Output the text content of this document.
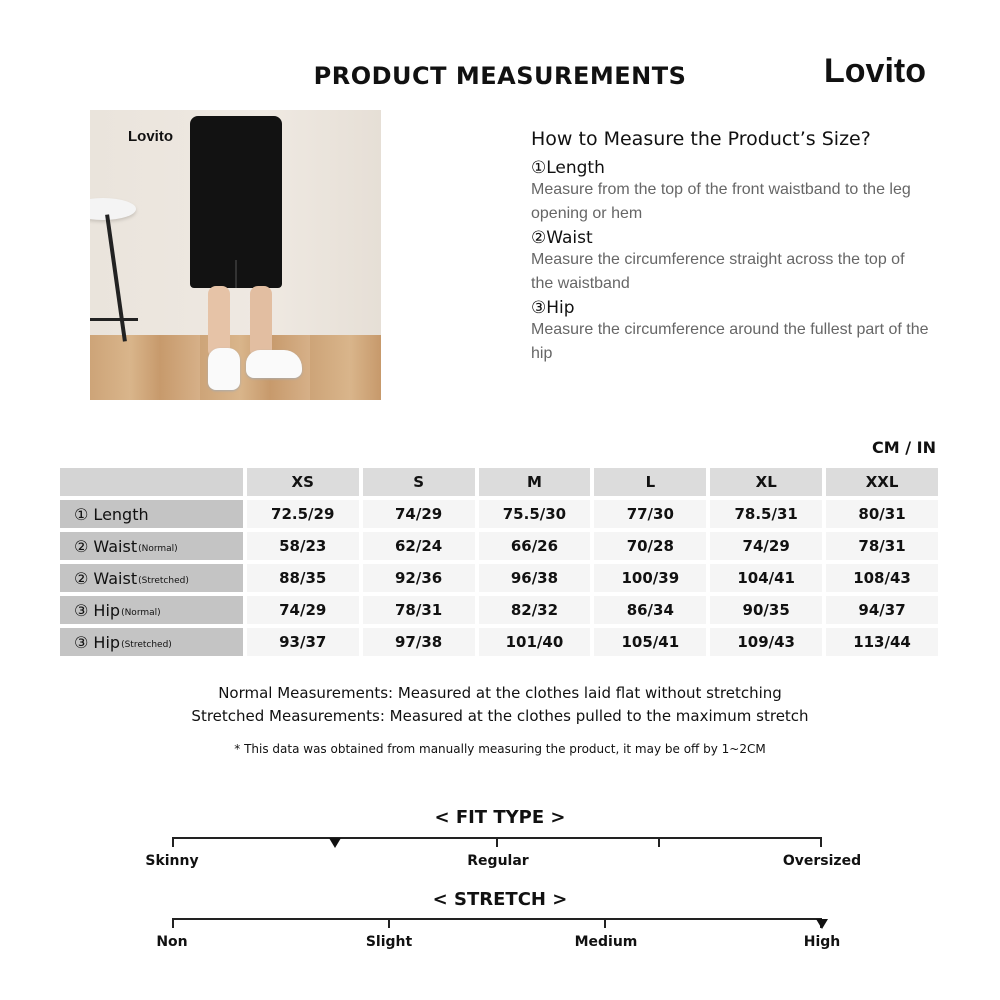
PRODUCT MEASUREMENTS	Lovito
Lovito	How to Measure the Product’s Size?
①Length
Measure from the top of the front waistband to the leg opening or hem
②Waist
Measure the circumference straight across the top of the waistband
③Hip
Measure the circumference around the fullest part of the hip
CM / IN
XS	S	M	L	XL	XXL
① Length	72.5/29	74/29	75.5/30	77/30	78.5/31	80/31
② Waist (Normal)	58/23	62/24	66/26	70/28	74/29	78/31
② Waist (Stretched)	88/35	92/36	96/38	100/39	104/41	108/43
③ Hip (Normal)	74/29	78/31	82/32	86/34	90/35	94/37
③ Hip (Stretched)	93/37	97/38	101/40	105/41	109/43	113/44
Normal Measurements: Measured at the clothes laid flat without stretching
Stretched Measurements: Measured at the clothes pulled to the maximum stretch
* This data was obtained from manually measuring the product, it may be off by 1~2CM
< FIT TYPE >
Skinny	Regular	Oversized
< STRETCH >
Non	Slight	Medium	High
